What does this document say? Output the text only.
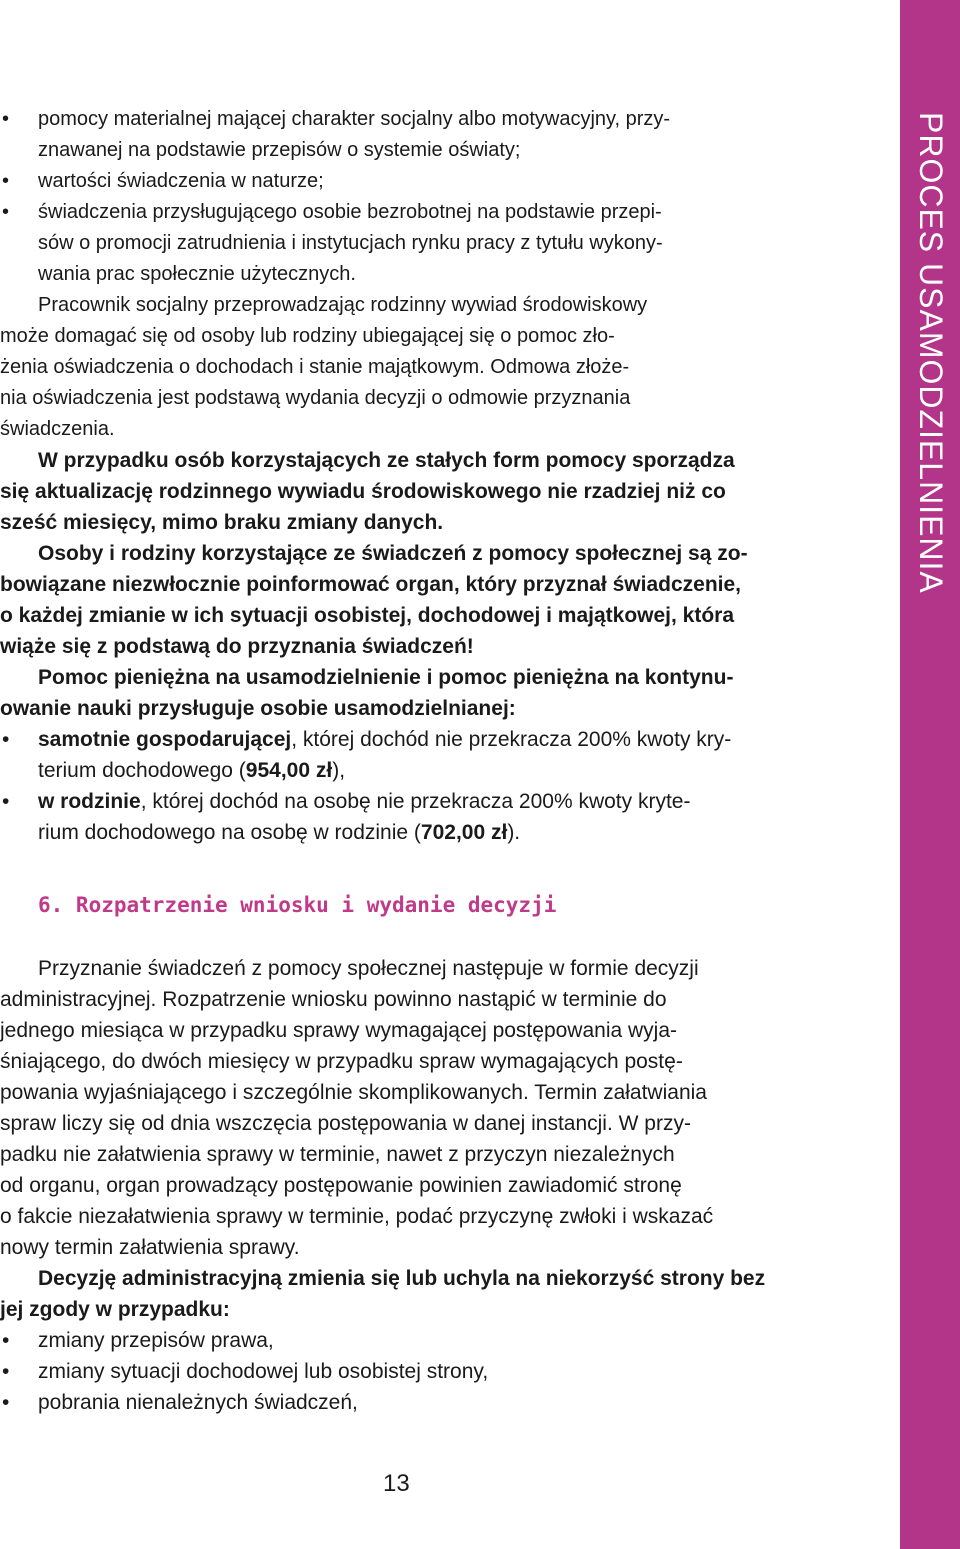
PROCES USAMODZIELNIENIA
• pomocy materialnej mającej charakter socjalny albo motywacyjny, przy-
znawanej na podstawie przepisów o systemie oświaty;
• wartości świadczenia w naturze;
• świadczenia przysługującego osobie bezrobotnej na podstawie przepi-
sów o promocji zatrudnienia i instytucjach rynku pracy z tytułu wykony-
wania prac społecznie użytecznych.
Pracownik socjalny przeprowadzając rodzinny wywiad środowiskowy
może domagać się od osoby lub rodziny ubiegającej się o pomoc zło-
żenia oświadczenia o dochodach i stanie majątkowym. Odmowa złoże-
nia oświadczenia jest podstawą wydania decyzji o odmowie przyznania
świadczenia.
W przypadku osób korzystających ze stałych form pomocy sporządza
się aktualizację rodzinnego wywiadu środowiskowego nie rzadziej niż co
sześć miesięcy, mimo braku zmiany danych.
Osoby i rodziny korzystające ze świadczeń z pomocy społecznej są zo-
bowiązane niezwłocznie poinformować organ, który przyznał świadczenie,
o każdej zmianie w ich sytuacji osobistej, dochodowej i majątkowej, która
wiąże się z podstawą do przyznania świadczeń!
Pomoc pieniężna na usamodzielnienie i pomoc pieniężna na kontynu-
owanie nauki przysługuje osobie usamodzielnianej:
• samotnie gospodarującej, której dochód nie przekracza 200% kwoty kry-
terium dochodowego (954,00 zł),
• w rodzinie, której dochód na osobę nie przekracza 200% kwoty kryte-
rium dochodowego na osobę w rodzinie (702,00 zł).
6. Rozpatrzenie wniosku i wydanie decyzji
Przyznanie świadczeń z pomocy społecznej następuje w formie decyzji
administracyjnej. Rozpatrzenie wniosku powinno nastąpić w terminie do
jednego miesiąca w przypadku sprawy wymagającej postępowania wyja-
śniającego, do dwóch miesięcy w przypadku spraw wymagających postę-
powania wyjaśniającego i szczególnie skomplikowanych. Termin załatwiania
spraw liczy się od dnia wszczęcia postępowania w danej instancji. W przy-
padku nie załatwienia sprawy w terminie, nawet z przyczyn niezależnych
od organu, organ prowadzący postępowanie powinien zawiadomić stronę
o fakcie niezałatwienia sprawy w terminie, podać przyczynę zwłoki i wskazać
nowy termin załatwienia sprawy.
Decyzję administracyjną zmienia się lub uchyla na niekorzyść strony bez
jej zgody w przypadku:
• zmiany przepisów prawa,
• zmiany sytuacji dochodowej lub osobistej strony,
• pobrania nienależnych świadczeń,
13
